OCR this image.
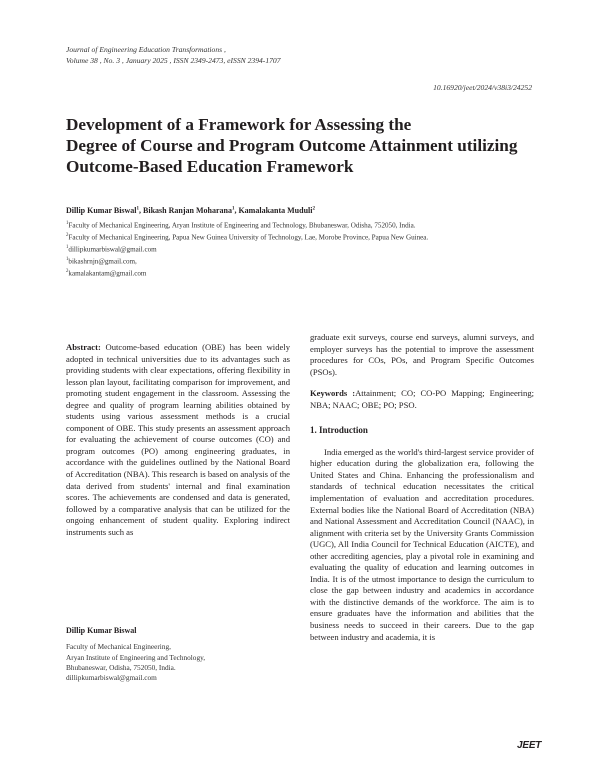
Journal of Engineering Education Transformations ,
Volume 38 , No. 3 , January 2025 , ISSN 2349-2473, eISSN 2394-1707
10.16920/jeet/2024/v38i3/24252
Development of a Framework for Assessing the
Degree of Course and Program Outcome Attainment utilizing
Outcome-Based Education Framework
Dillip Kumar Biswal$^1$, Bikash Ranjan Moharana$^1$, Kamalakanta Muduli$^2$
$^1$Faculty of Mechanical Engineering, Aryan Institute of Engineering and Technology, Bhubaneswar, Odisha, 752050, India.
$^2$Faculty of Mechanical Engineering, Papua New Guinea University of Technology, Lae, Morobe Province, Papua New Guinea.
$^1$dillipkumarbiswal@gmail.com
$^1$bikashrnjn@gmail.com,
$^2$kamalakantam@gmail.com
Abstract: Outcome-based education (OBE) has been widely adopted in technical universities due to its advantages such as providing students with clear expectations, offering flexibility in lesson plan layout, facilitating comparison for improvement, and promoting student engagement in the classroom. Assessing the degree and quality of program learning abilities obtained by students using various assessment methods is a crucial component of OBE. This study presents an assessment approach for evaluating the achievement of course outcomes (CO) and program outcomes (PO) among engineering graduates, in accordance with the guidelines outlined by the National Board of Accreditation (NBA). This research is based on analysis of the data derived from students' internal and final examination scores. The achievements are condensed and data is generated, followed by a comparative analysis that can be utilized for the ongoing enhancement of student quality. Exploring indirect instruments such as
graduate exit surveys, course end surveys, alumni surveys, and employer surveys has the potential to improve the assessment procedures for COs, POs, and Program Specific Outcomes (PSOs).
Keywords :Attainment; CO; CO-PO Mapping; Engineering; NBA; NAAC; OBE; PO; PSO.
1. Introduction
India emerged as the world's third-largest service provider of higher education during the globalization era, following the United States and China. Enhancing the professionalism and standards of technical education necessitates the critical implementation of evaluation and accreditation procedures. External bodies like the National Board of Accreditation (NBA) and National Assessment and Accreditation Council (NAAC), in alignment with criteria set by the University Grants Commission (UGC), All India Council for Technical Education (AICTE), and other accrediting agencies, play a pivotal role in examining and evaluating the quality of education and learning outcomes in India. It is of the utmost importance to design the curriculum to close the gap between industry and academics in accordance with the distinctive demands of the workforce. The aim is to ensure graduates have the information and abilities that the business needs to succeed in their careers. Due to the gap between industry and academia, it is
Dillip Kumar Biswal
Faculty of Mechanical Engineering,
Aryan Institute of Engineering and Technology,
Bhubaneswar, Odisha, 752050, India.
dillipkumarbiswal@gmail.com
JEET
